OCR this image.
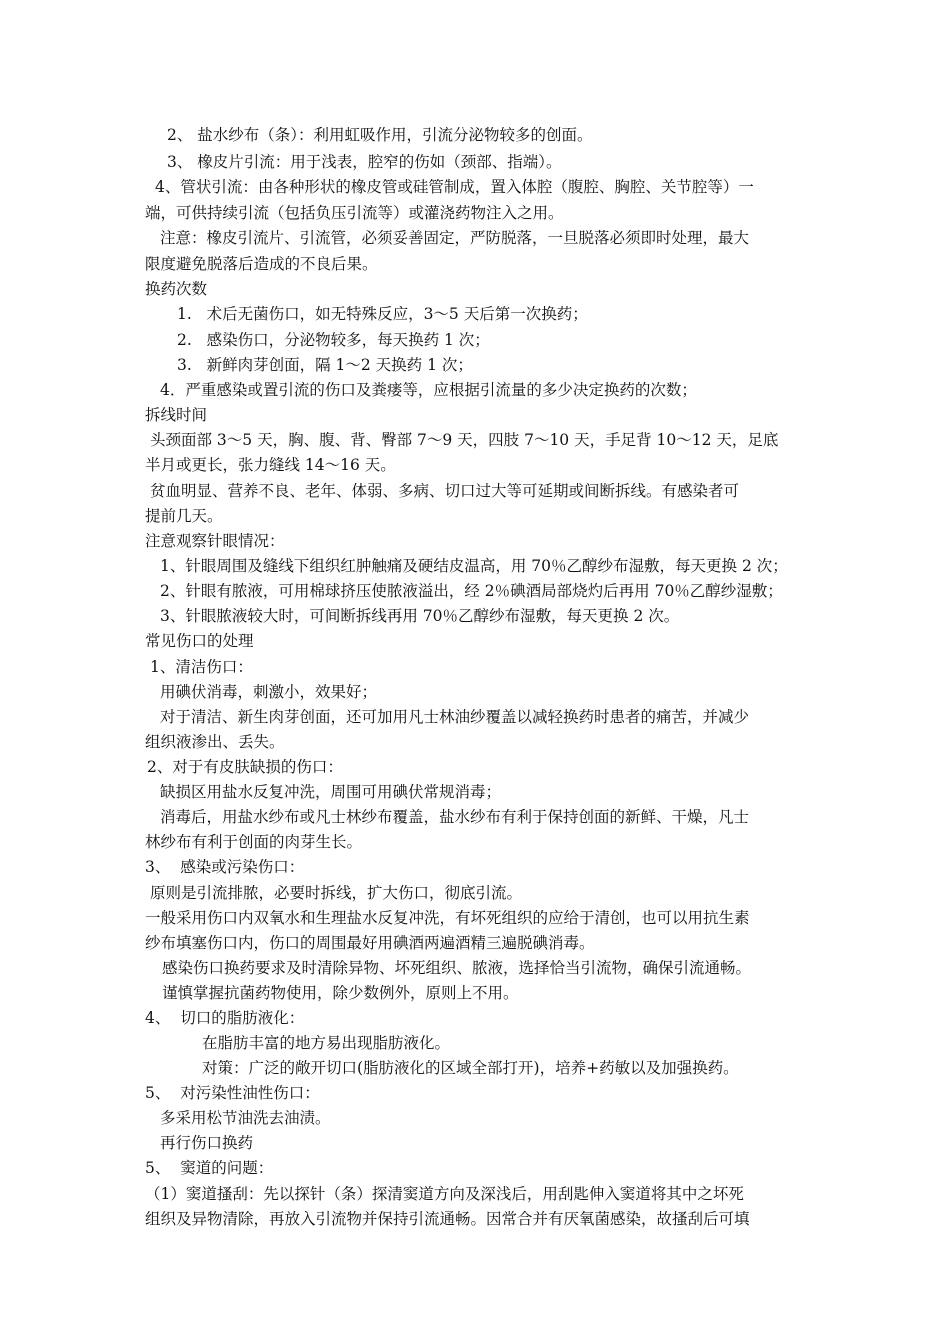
2、 盐水纱布（条）：利用虹吸作用，引流分泌物较多的创面。
3、 橡皮片引流：用于浅表，腔窄的伤如（颈部、指端）。
4、管状引流：由各种形状的橡皮管或硅管制成，置入体腔（腹腔、胸腔、关节腔等）一
端，可供持续引流（包括负压引流等）或灌浇药物注入之用。
注意：橡皮引流片、引流管，必须妥善固定，严防脱落，一旦脱落必须即时处理，最大
限度避免脱落后造成的不良后果。
换药次数
1.   术后无菌伤口，如无特殊反应，3～5 天后第一次换药；
2.   感染伤口，分泌物较多，每天换药 1 次；
3.   新鲜肉芽创面，隔 1～2 天换药 1 次；
4．严重感染或置引流的伤口及粪瘘等，应根据引流量的多少决定换药的次数；
拆线时间
头颈面部 3～5 天，胸、腹、背、臀部 7～9 天，四肢 7～10 天，手足背 10～12 天，足底
半月或更长，张力缝线 14～16 天。
贫血明显、营养不良、老年、体弱、多病、切口过大等可延期或间断拆线。有感染者可
提前几天。
注意观察针眼情况：
1、针眼周围及缝线下组织红肿触痛及硬结皮温高，用 70％乙醇纱布湿敷，每天更换 2 次；
2、针眼有脓液，可用棉球挤压使脓液溢出，经 2％碘酒局部烧灼后再用 70％乙醇纱湿敷；
3、针眼脓液较大时，可间断拆线再用 70％乙醇纱布湿敷，每天更换 2 次。
常见伤口的处理
1、清洁伤口：
用碘伏消毒，刺激小，效果好；
对于清洁、新生肉芽创面，还可加用凡士林油纱覆盖以减轻换药时患者的痛苦，并减少
组织液渗出、丢失。
2、对于有皮肤缺损的伤口：
缺损区用盐水反复冲洗，周围可用碘伏常规消毒；
消毒后，用盐水纱布或凡士林纱布覆盖，盐水纱布有利于保持创面的新鲜、干燥，凡士
林纱布有利于创面的肉芽生长。
3、  感染或污染伤口：
原则是引流排脓，必要时拆线，扩大伤口，彻底引流。
一般采用伤口内双氧水和生理盐水反复冲洗，有坏死组织的应给于清创，也可以用抗生素
纱布填塞伤口内，伤口的周围最好用碘酒两遍酒精三遍脱碘消毒。
感染伤口换药要求及时清除异物、坏死组织、脓液，选择恰当引流物，确保引流通畅。
谨慎掌握抗菌药物使用，除少数例外，原则上不用。
4、  切口的脂肪液化：
在脂肪丰富的地方易出现脂肪液化。
对策：广泛的敞开切口(脂肪液化的区域全部打开)，培养+药敏以及加强换药。
5、  对污染性油性伤口：
多采用松节油洗去油渍。
再行伤口换药
5、  窦道的问题：
（1）窦道搔刮：先以探针（条）探清窦道方向及深浅后，用刮匙伸入窦道将其中之坏死
组织及异物清除，再放入引流物并保持引流通畅。因常合并有厌氧菌感染，故搔刮后可填
